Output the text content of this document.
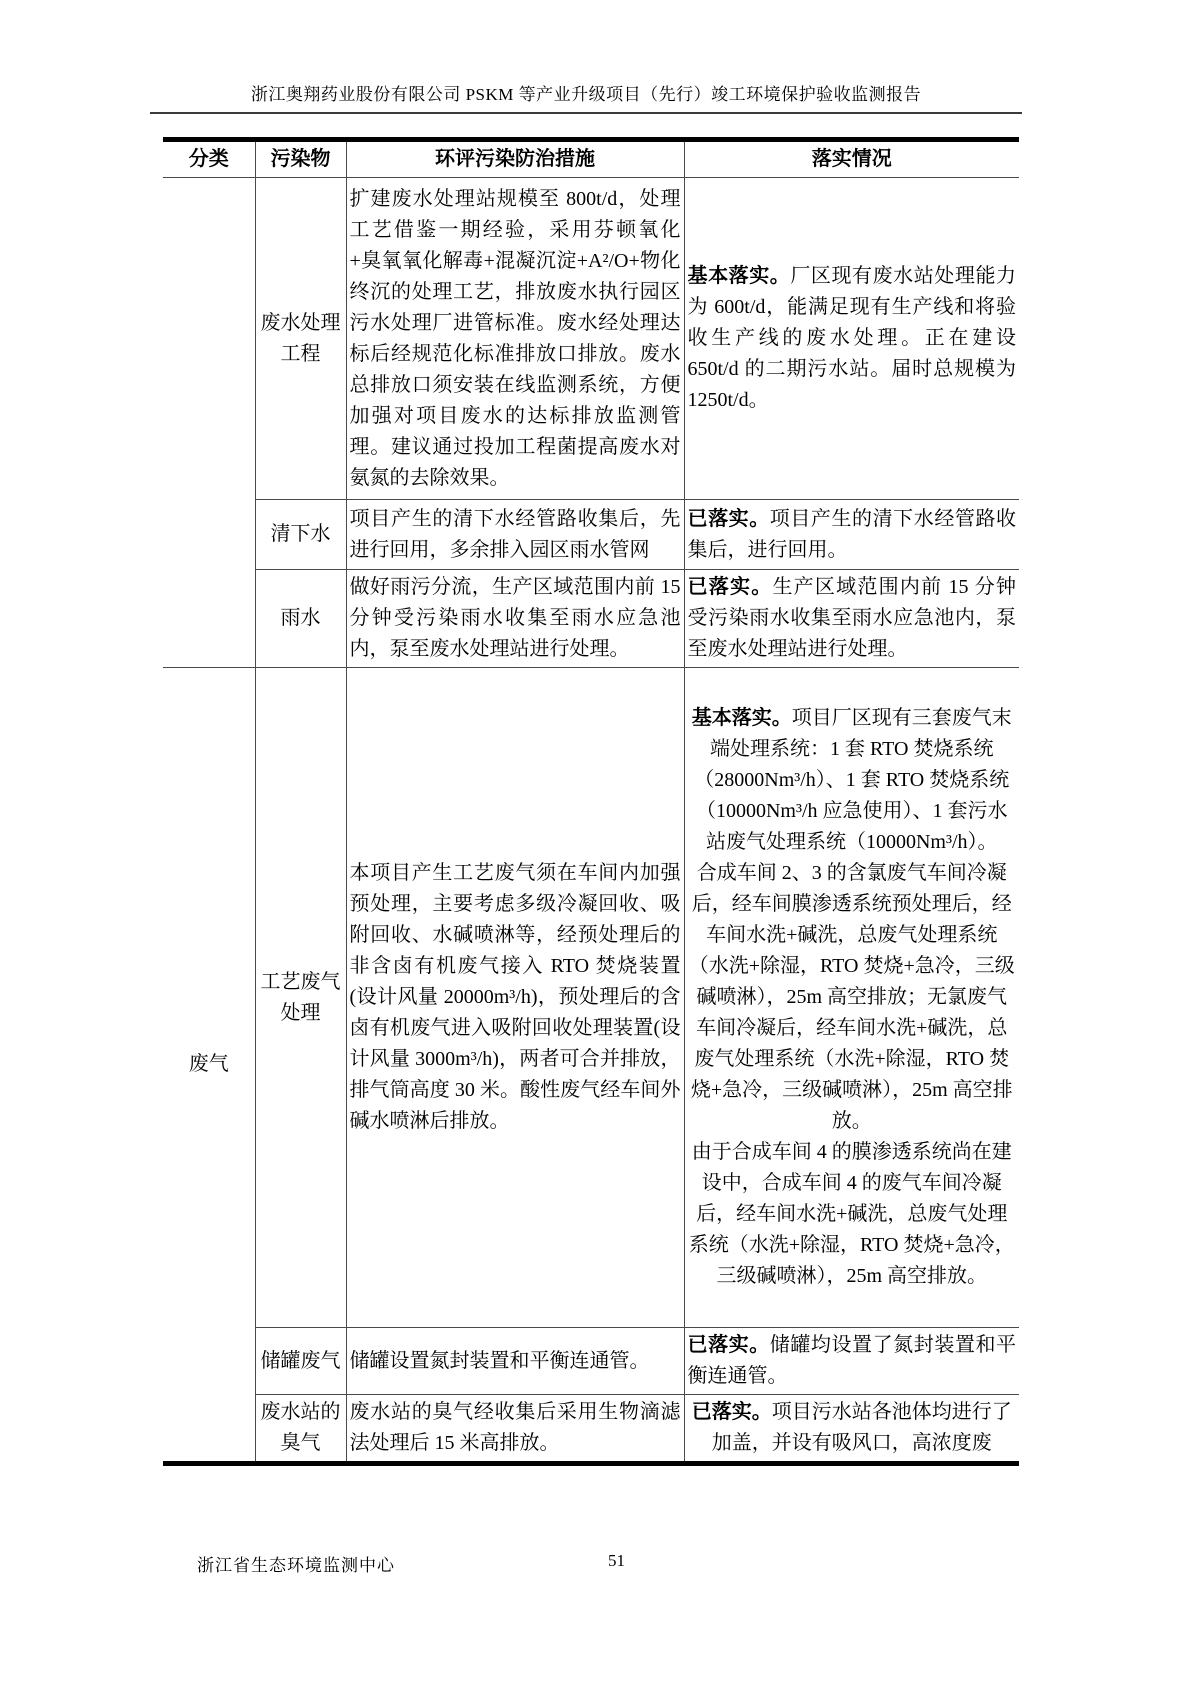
浙江奥翔药业股份有限公司 PSKM 等产业升级项目（先行）竣工环境保护验收监测报告
分类	污染物	环评污染防治措施	落实情况
	废水处理工程	扩建废水处理站规模至 800t/d，处理工艺借鉴一期经验，采用芬顿氧化+臭氧氧化解毒+混凝沉淀+A²/O+物化终沉的处理工艺，排放废水执行园区污水处理厂进管标准。废水经处理达标后经规范化标准排放口排放。废水总排放口须安装在线监测系统，方便加强对项目废水的达标排放监测管理。建议通过投加工程菌提高废水对氨氮的去除效果。	基本落实。厂区现有废水站处理能力为 600t/d，能满足现有生产线和将验收生产线的废水处理。正在建设 650t/d 的二期污水站。届时总规模为 1250t/d。

	清下水	项目产生的清下水经管路收集后，先进行回用，多余排入园区雨水管网	已落实。项目产生的清下水经管路收集后，进行回用。

	雨水	做好雨污分流，生产区域范围内前 15 分钟受污染雨水收集至雨水应急池内，泵至废水处理站进行处理。	已落实。生产区域范围内前 15 分钟受污染雨水收集至雨水应急池内，泵至废水处理站进行处理。

废气	工艺废气处理	本项目产生工艺废气须在车间内加强预处理，主要考虑多级冷凝回收、吸附回收、水碱喷淋等，经预处理后的非含卤有机废气接入 RTO 焚烧装置(设计风量 20000m³/h)，预处理后的含卤有机废气进入吸附回收处理装置(设计风量 3000m³/h)，两者可合并排放，排气筒高度 30 米。酸性废气经车间外碱水喷淋后排放。	基本落实。项目厂区现有三套废气末端处理系统：1 套 RTO 焚烧系统（28000Nm³/h）、1 套 RTO 焚烧系统（10000Nm³/h 应急使用）、1 套污水站废气处理系统（10000Nm³/h）。

合成车间 2、3 的含氯废气车间冷凝后，经车间膜渗透系统预处理后，经车间水洗+碱洗，总废气处理系统（水洗+除湿，RTO 焚烧+急冷，三级碱喷淋），25m 高空排放；无氯废气车间冷凝后，经车间水洗+碱洗，总废气处理系统（水洗+除湿，RTO 焚烧+急冷，三级碱喷淋），25m 高空排放。

由于合成车间 4 的膜渗透系统尚在建设中，合成车间 4 的废气车间冷凝后，经车间水洗+碱洗，总废气处理系统（水洗+除湿，RTO 焚烧+急冷，三级碱喷淋），25m 高空排放。

	储罐废气	储罐设置氮封装置和平衡连通管。	已落实。储罐均设置了氮封装置和平衡连通管。

	废水站的臭气	废水站的臭气经收集后采用生物滴滤法处理后 15 米高排放。	已落实。项目污水站各池体均进行了加盖，并设有吸风口，高浓度废

浙江省生态环境监测中心	51
